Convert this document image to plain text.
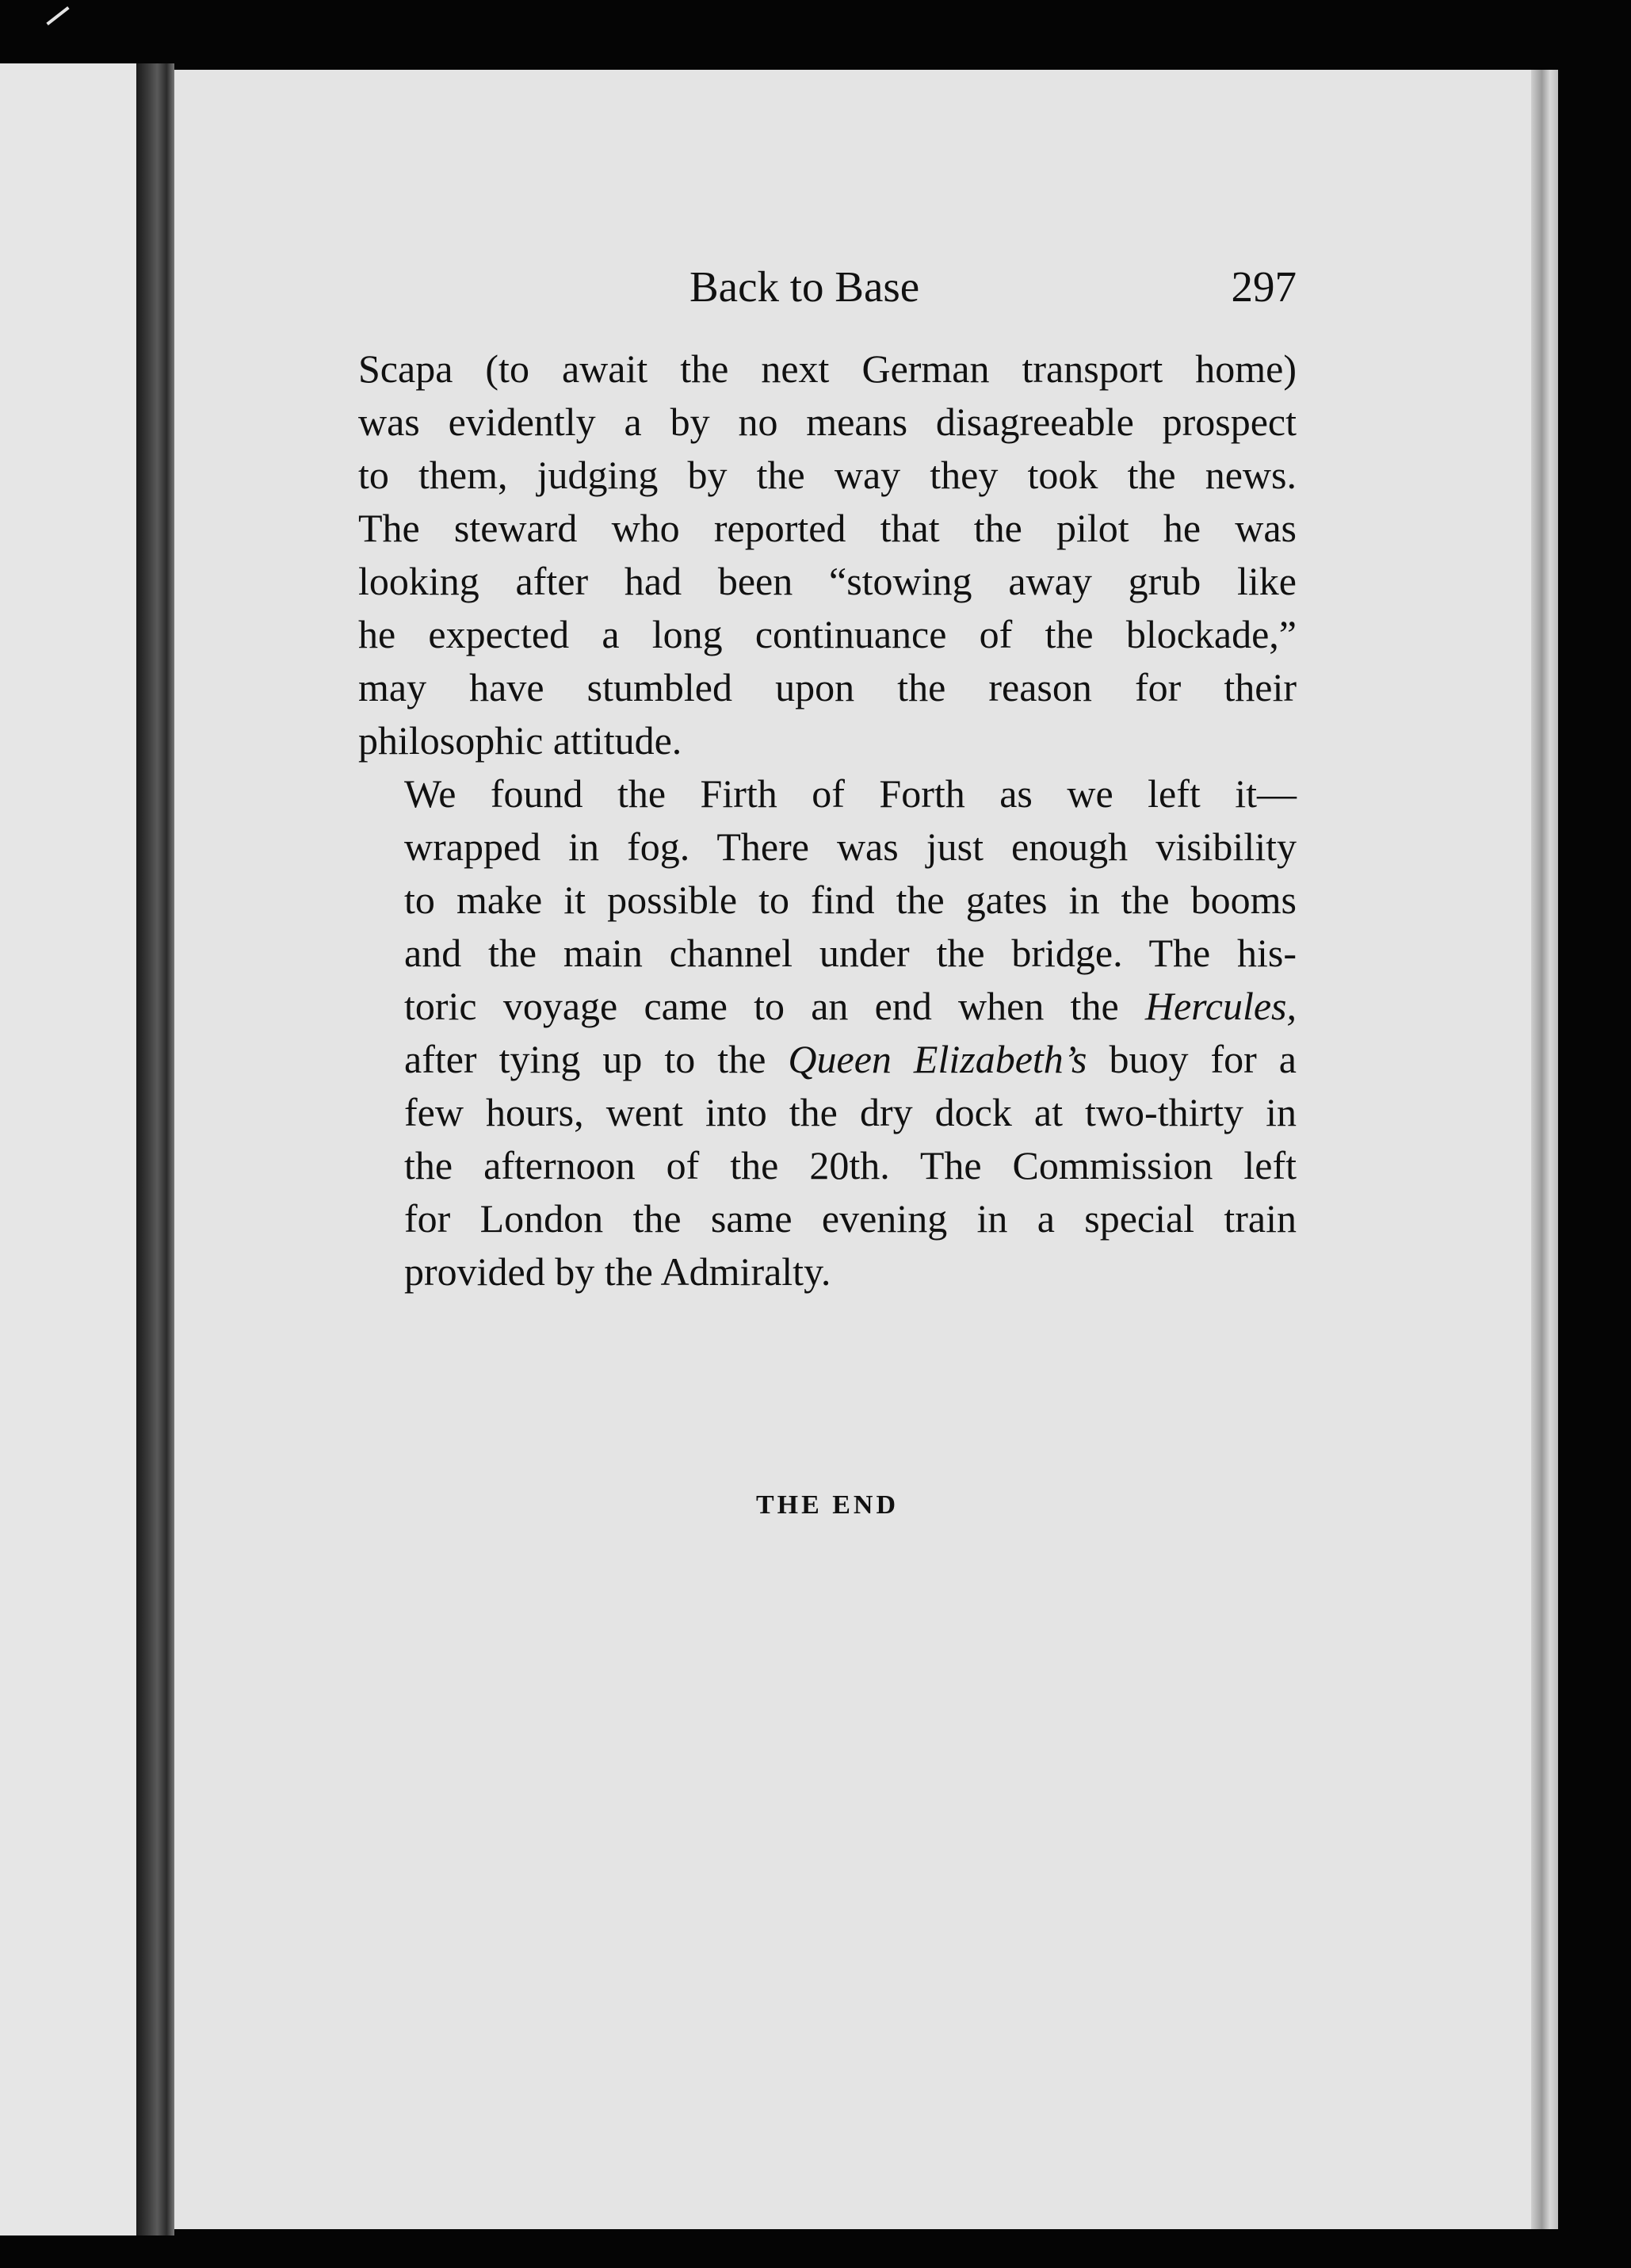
Back to Base	297

Scapa (to await the next German transport home)
was evidently a by no means disagreeable prospect
to them, judging by the way they took the news.
The steward who reported that the pilot he was
looking after had been “stowing away grub like
he expected a long continuance of the blockade,”
may have stumbled upon the reason for their
philosophic attitude.

We found the Firth of Forth as we left it—
wrapped in fog. There was just enough visibility
to make it possible to find the gates in the booms
and the main channel under the bridge. The his-
toric voyage came to an end when the Hercules,
after tying up to the Queen Elizabeth’s buoy for a
few hours, went into the dry dock at two-thirty in
the afternoon of the 20th. The Commission left
for London the same evening in a special train
provided by the Admiralty.

THE END
